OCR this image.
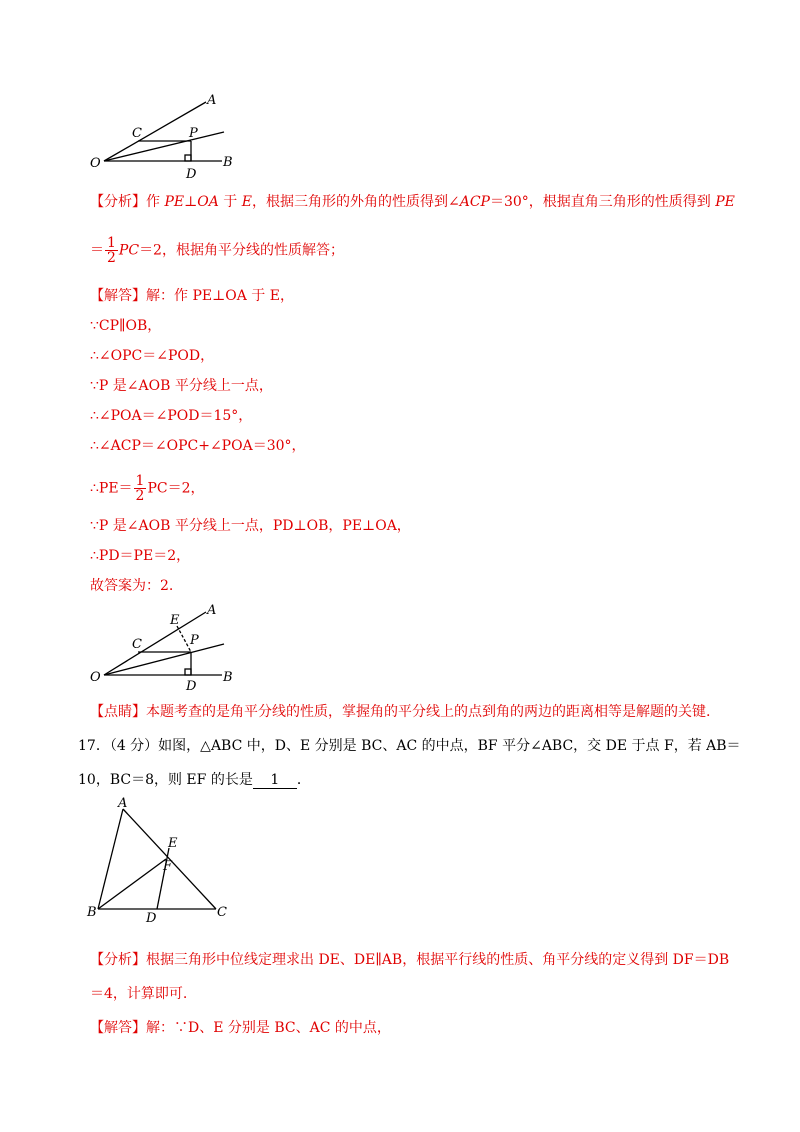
A
C	P
O
D
B
【分析】作 PE⊥OA 于 E，根据三角形的外角的性质得到∠ACP＝30°，根据直角三角形的性质得到 PE
＝ $\frac{1}{2} PC=2$，根据角平分线的性质解答；
【解答】解：作 PE⊥OA 于 E，
∵CP∥OB，
∴∠OPC＝∠POD，
∵P 是∠AOB 平分线上一点，
∴∠POA＝∠POD＝15°，
∴∠ACP＝∠OPC+∠POA＝30°，
∴PE＝ $\frac{1}{2} PC=2$，
∵P 是∠AOB 平分线上一点，PD⊥OB，PE⊥OA，
∴PD＝PE＝2，
故答案为：2.
E
A
C	P
O
D
B
【点睛】本题考查的是角平分线的性质，掌握角的平分线上的点到角的两边的距离相等是解题的关键.
17．（4 分）如图，△ABC 中，D、E 分别是 BC、AC 的中点，BF 平分∠ABC，交 DE 于点 F，若 AB＝
10，BC＝8，则 EF 的长是 1 ．
A
E
F
B	D	C
【分析】根据三角形中位线定理求出 DE、DE∥AB，根据平行线的性质、角平分线的定义得到 DF＝DB
＝4，计算即可.
【解答】解：∵D、E 分别是 BC、AC 的中点，
